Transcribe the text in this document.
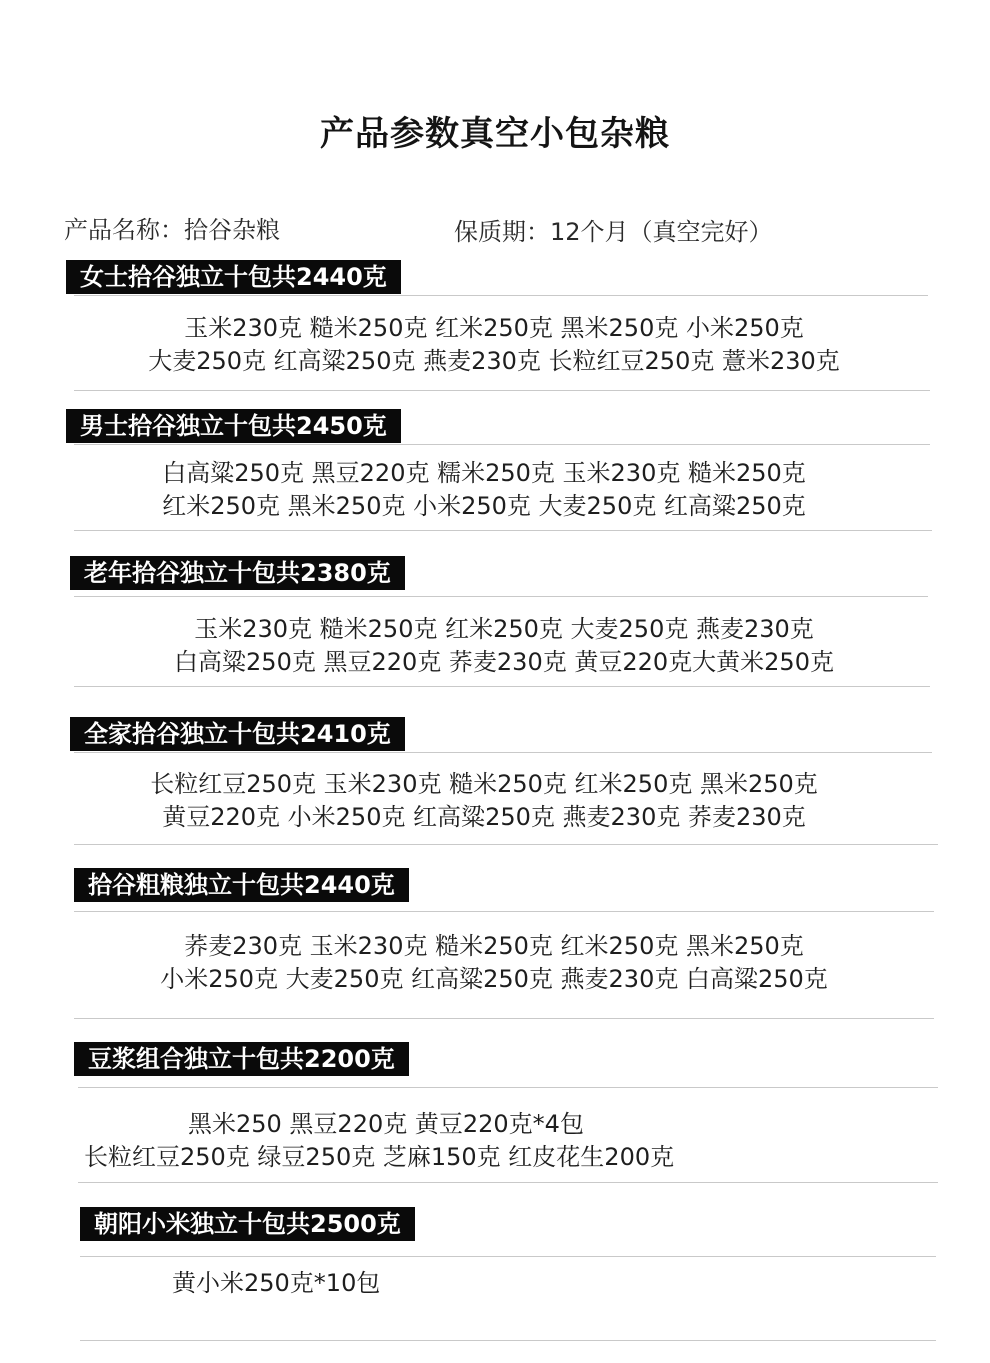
产品参数真空小包杂粮
产品名称：拾谷杂粮	保质期：12个月（真空完好）
女士拾谷独立十包共2440克
玉米230克 糙米250克 红米250克 黑米250克 小米250克
大麦250克 红高粱250克 燕麦230克 长粒红豆250克 薏米230克
男士拾谷独立十包共2450克
白高粱250克 黑豆220克 糯米250克 玉米230克 糙米250克
红米250克 黑米250克 小米250克 大麦250克 红高粱250克
老年拾谷独立十包共2380克
玉米230克 糙米250克 红米250克 大麦250克 燕麦230克
白高粱250克 黑豆220克 荞麦230克 黄豆220克大黄米250克
全家拾谷独立十包共2410克
长粒红豆250克 玉米230克 糙米250克 红米250克 黑米250克
黄豆220克 小米250克 红高粱250克 燕麦230克 荞麦230克
拾谷粗粮独立十包共2440克
荞麦230克 玉米230克 糙米250克 红米250克 黑米250克
小米250克 大麦250克 红高粱250克 燕麦230克 白高粱250克
豆浆组合独立十包共2200克
黑米250 黑豆220克 黄豆220克*4包
长粒红豆250克 绿豆250克 芝麻150克 红皮花生200克
朝阳小米独立十包共2500克
黄小米250克*10包
